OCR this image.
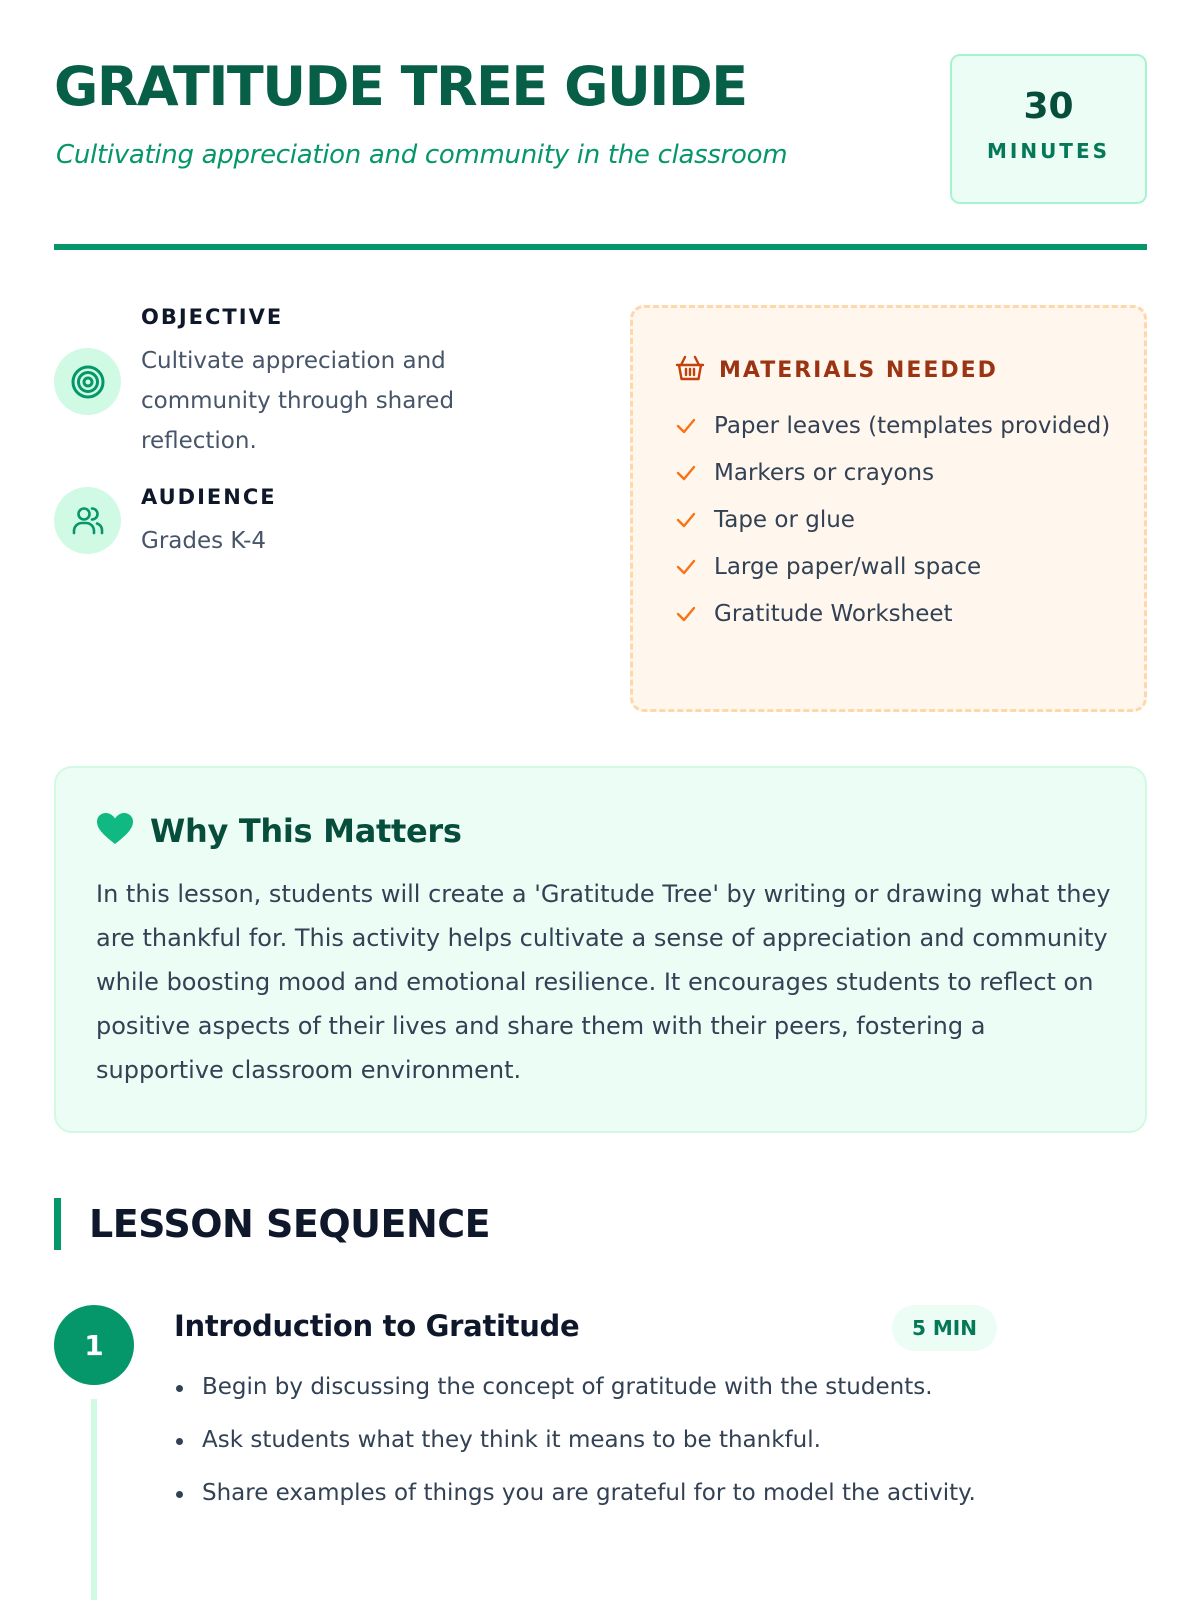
GRATITUDE TREE GUIDE
Cultivating appreciation and community in the classroom
30
MINUTES
OBJECTIVE
Cultivate appreciation and community through shared reflection.
AUDIENCE
Grades K-4
MATERIALS NEEDED
Paper leaves (templates provided)
Markers or crayons
Tape or glue
Large paper/wall space
Gratitude Worksheet
Why This Matters

In this lesson, students will create a 'Gratitude Tree' by writing or drawing what they are thankful for. This activity helps cultivate a sense of appreciation and community while boosting mood and emotional resilience. It encourages students to reflect on positive aspects of their lives and share them with their peers, fostering a supportive classroom environment.

LESSON SEQUENCE
1
Introduction to Gratitude	5 MIN
Begin by discussing the concept of gratitude with the students.
Ask students what they think it means to be thankful.
Share examples of things you are grateful for to model the activity.
